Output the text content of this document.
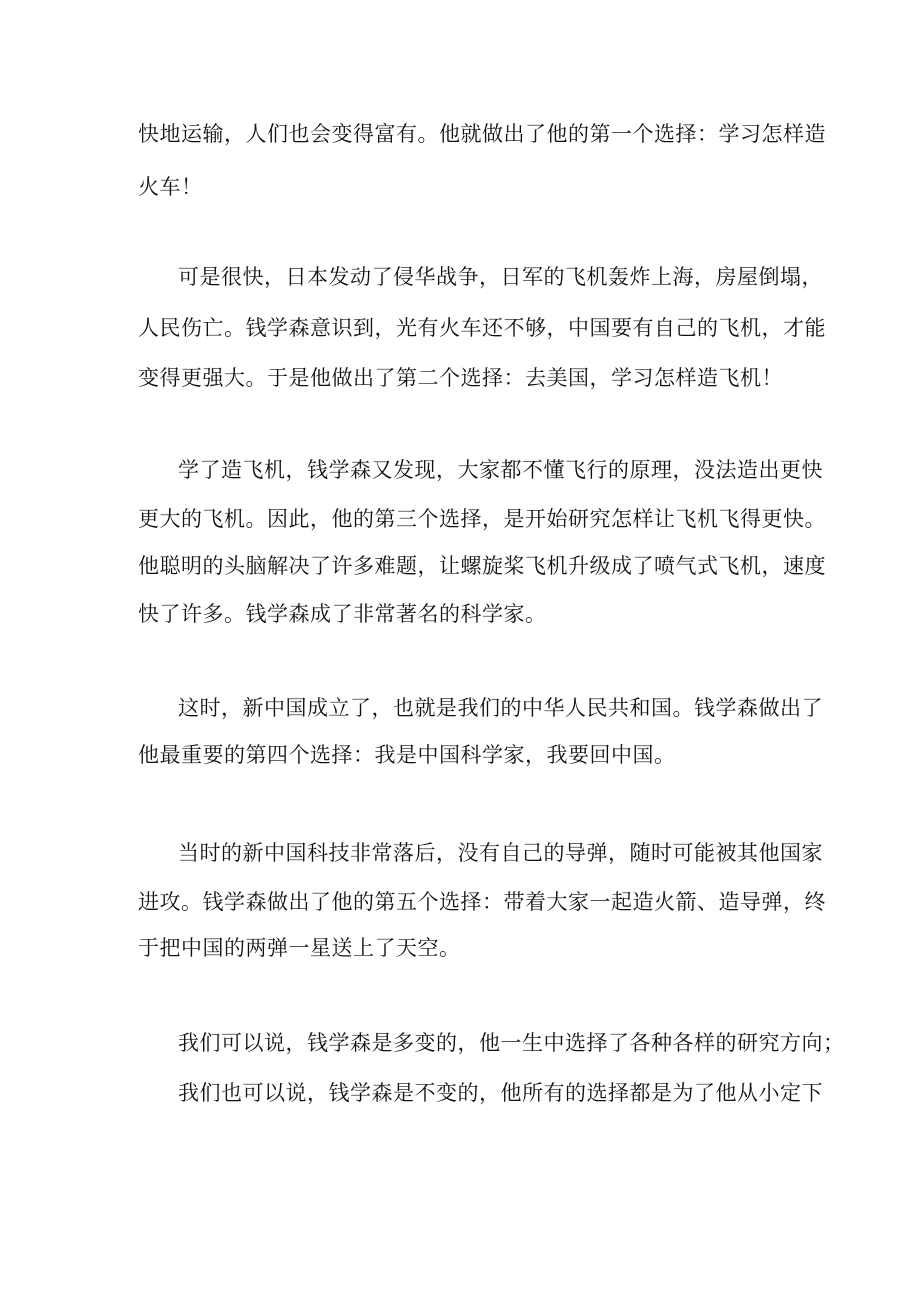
快地运输，人们也会变得富有。他就做出了他的第一个选择：学习怎样造
火车！
可是很快，日本发动了侵华战争，日军的飞机轰炸上海，房屋倒塌，
人民伤亡。钱学森意识到，光有火车还不够，中国要有自己的飞机，才能
变得更强大。于是他做出了第二个选择：去美国，学习怎样造飞机！
学了造飞机，钱学森又发现，大家都不懂飞行的原理，没法造出更快
更大的飞机。因此，他的第三个选择，是开始研究怎样让飞机飞得更快。
他聪明的头脑解决了许多难题，让螺旋桨飞机升级成了喷气式飞机，速度
快了许多。钱学森成了非常著名的科学家。
这时，新中国成立了，也就是我们的中华人民共和国。钱学森做出了
他最重要的第四个选择：我是中国科学家，我要回中国。
当时的新中国科技非常落后，没有自己的导弹，随时可能被其他国家
进攻。钱学森做出了他的第五个选择：带着大家一起造火箭、造导弹，终
于把中国的两弹一星送上了天空。
我们可以说，钱学森是多变的，他一生中选择了各种各样的研究方向；
我们也可以说，钱学森是不变的，他所有的选择都是为了他从小定下
